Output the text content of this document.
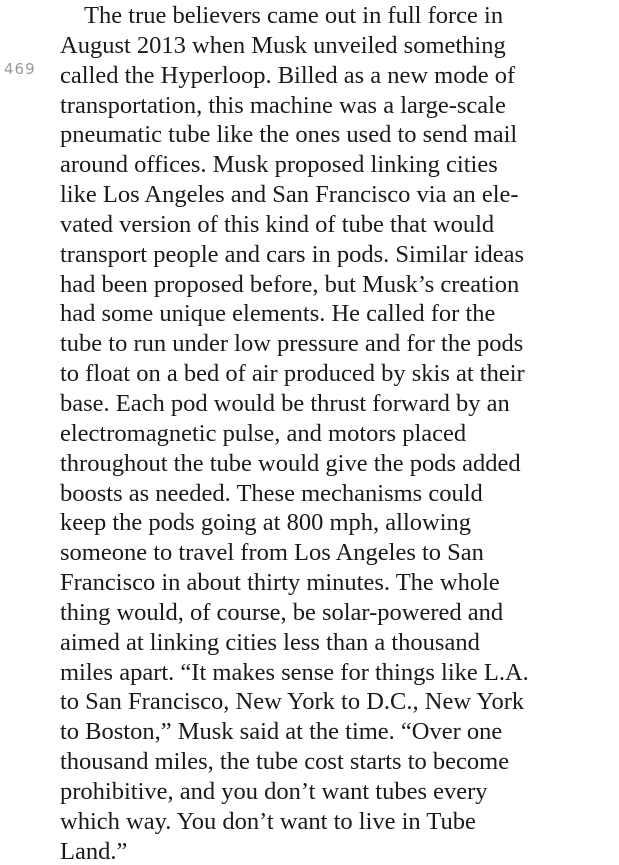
469
The true believers came out in full force in
August 2013 when Musk unveiled something
called the Hyperloop. Billed as a new mode of
transportation, this machine was a large-scale
pneumatic tube like the ones used to send mail
around offices. Musk proposed linking cities
like Los Angeles and San Francisco via an ele-
vated version of this kind of tube that would
transport people and cars in pods. Similar ideas
had been proposed before, but Musk’s creation
had some unique elements. He called for the
tube to run under low pressure and for the pods
to float on a bed of air produced by skis at their
base. Each pod would be thrust forward by an
electromagnetic pulse, and motors placed
throughout the tube would give the pods added
boosts as needed. These mechanisms could
keep the pods going at 800 mph, allowing
someone to travel from Los Angeles to San
Francisco in about thirty minutes. The whole
thing would, of course, be solar-powered and
aimed at linking cities less than a thousand
miles apart. “It makes sense for things like L.A.
to San Francisco, New York to D.C., New York
to Boston,” Musk said at the time. “Over one
thousand miles, the tube cost starts to become
prohibitive, and you don’t want tubes every
which way. You don’t want to live in Tube
Land.”
